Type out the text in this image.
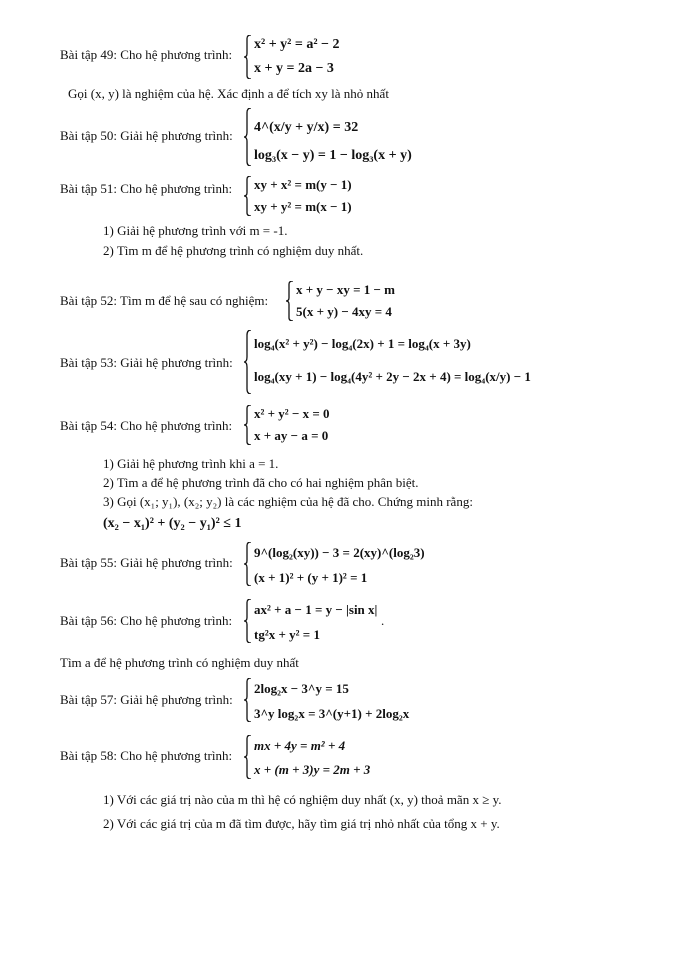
Bài tập 49: Cho hệ phương trình:
x² + y² = a² − 2
x + y = 2a − 3
Gọi (x, y) là nghiệm của hệ. Xác định a để tích xy là nhỏ nhất
Bài tập 50: Giải hệ phương trình:
4^(x/y + y/x) = 32
log₃(x − y) = 1 − log₃(x + y)
Bài tập 51: Cho hệ phương trình: xy + x² = m(y − 1)
xy + y² = m(x − 1)
1) Giải hệ phương trình với m = -1.
2) Tìm m để hệ phương trình có nghiệm duy nhất.
Bài tập 52: Tìm m để hệ sau có nghiệm:
x + y − xy = 1 − m
5(x + y) − 4xy = 4
Bài tập 53: Giải hệ phương trình:
log₄(x² + y²) − log₄(2x) + 1 = log₄(x + 3y)
log₄(xy + 1) − log₄(4y² + 2y − 2x + 4) = log₄(x/y) − 1
Bài tập 54: Cho hệ phương trình:
x² + y² − x = 0
x + ay − a = 0
1) Giải hệ phương trình khi a = 1.
2) Tìm a để hệ phương trình đã cho có hai nghiệm phân biệt.
3) Gọi (x₁; y₁), (x₂; y₂) là các nghiệm của hệ đã cho. Chứng minh rằng:
(x₂ − x₁)² + (y₂ − y₁)² ≤ 1
Bài tập 55: Giải hệ phương trình:
9^(log₂(xy)) − 3 = 2(xy)^(log₂3)
(x + 1)² + (y + 1)² = 1
Bài tập 56: Cho hệ phương trình:
ax² + a − 1 = y − |sin x|
tg²x + y² = 1
.
Tìm a để hệ phương trình có nghiệm duy nhất
Bài tập 57: Giải hệ phương trình:
2log₂x − 3^y = 15
3^y log₂x = 3^(y+1) + 2log₂x
Bài tập 58: Cho hệ phương trình:
mx + 4y = m² + 4
x + (m + 3)y = 2m + 3
1) Với các giá trị nào của m thì hệ có nghiệm duy nhất (x, y) thoả mãn x ≥ y.
2) Với các giá trị của m đã tìm được, hãy tìm giá trị nhỏ nhất của tổng x + y.
